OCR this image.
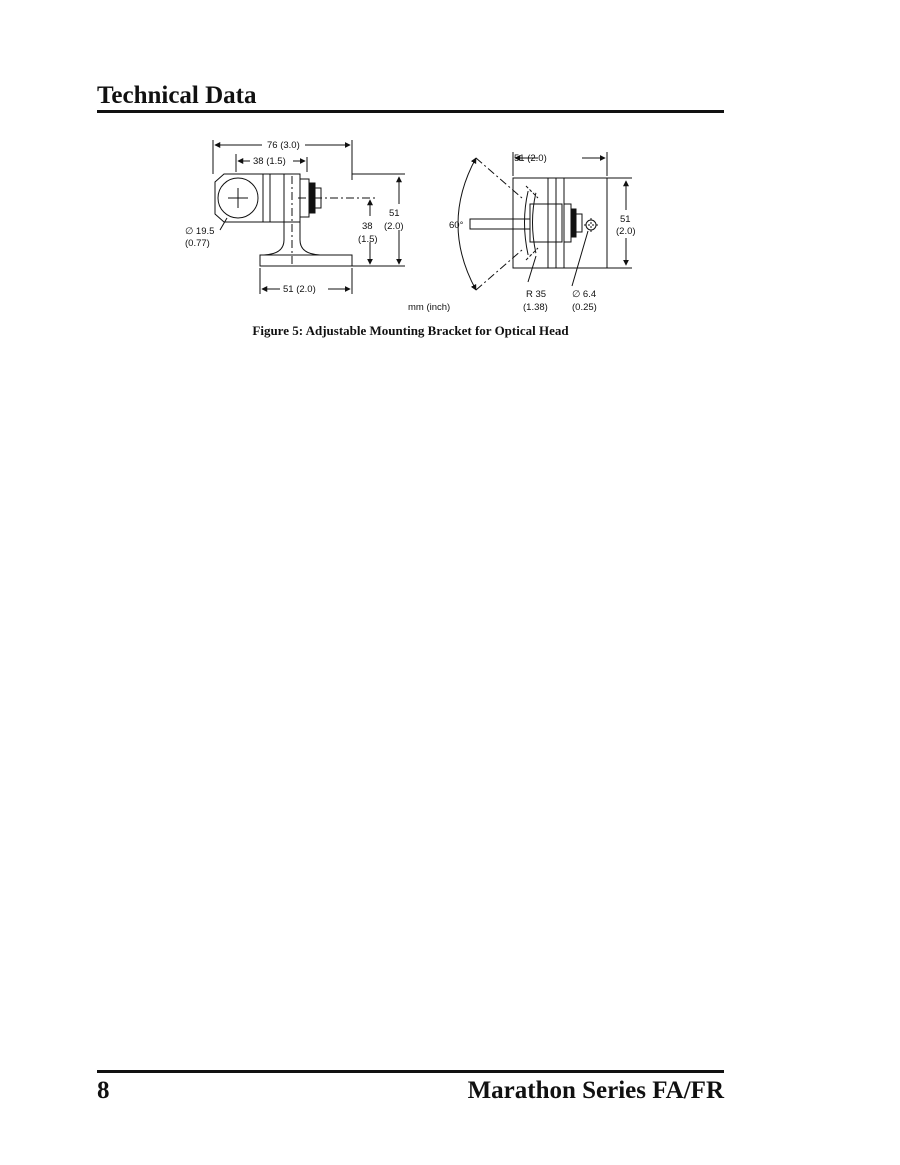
Technical Data
76 (3.0)
38 (1.5)
51
(2.0)
38
(1.5)
∅ 19.5
(0.77)
51 (2.0)
51 (2.0)
60°
51
(2.0)
R 35
(1.38)
∅ 6.4
(0.25)
mm (inch)

Figure 5: Adjustable Mounting Bracket for Optical Head

8	Marathon Series FA/FR
